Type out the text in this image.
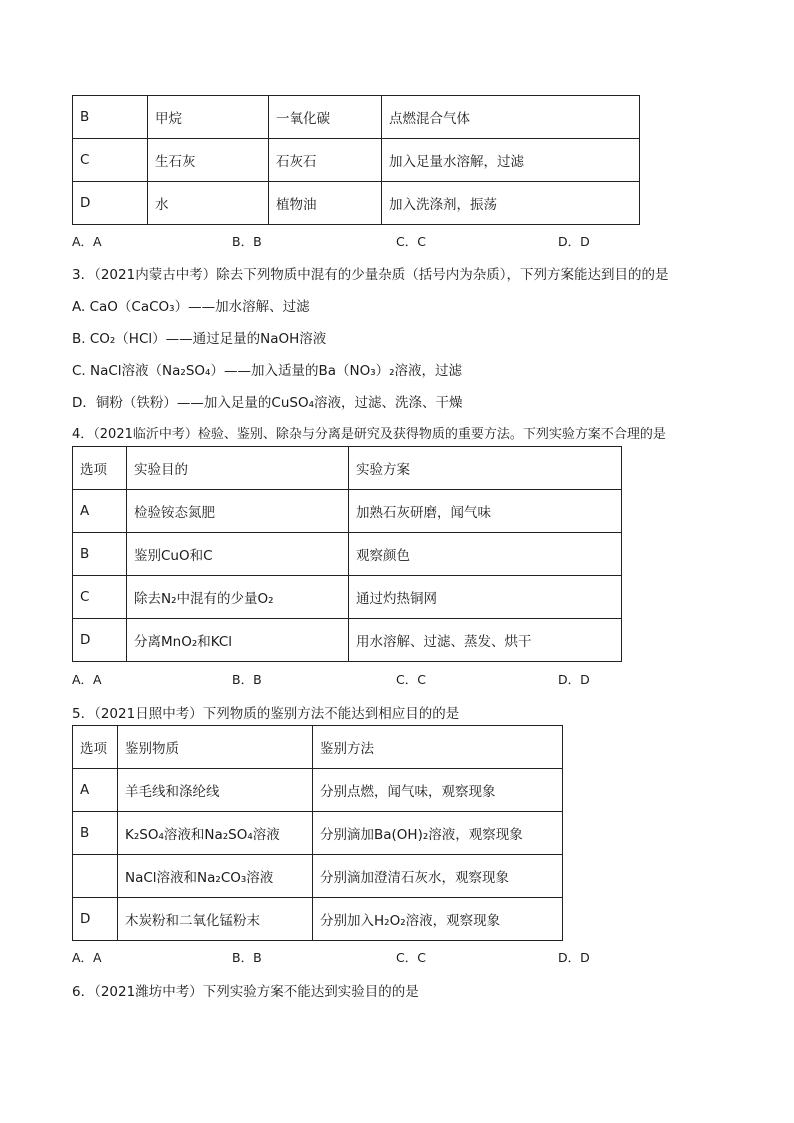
B	甲烷	一氧化碳	点燃混合气体
C	生石灰	石灰石	加入足量水溶解，过滤
D	水	植物油	加入洗涤剂，振荡
A．A	B．B	C．C	D．D
3．（2021内蒙古中考）除去下列物质中混有的少量杂质（括号内为杂质），下列方案能达到目的的是
A. CaO（CaCO₃）——加水溶解、过滤
B. CO₂（HCl）——通过足量的NaOH溶液
C. NaCl溶液（Na₂SO₄）——加入适量的Ba（NO₃）₂溶液，过滤
D．铜粉（铁粉）——加入足量的CuSO₄溶液，过滤、洗涤、干燥
4．（2021临沂中考）检验、鉴别、除杂与分离是研究及获得物质的重要方法。下列实验方案不合理的是
选项	实验目的	实验方案
A	检验铵态氮肥	加熟石灰研磨，闻气味
B	鉴别CuO和C	观察颜色
C	除去N₂中混有的少量O₂	通过灼热铜网
D	分离MnO₂和KCl	用水溶解、过滤、蒸发、烘干
A．A	B．B	C．C	D．D
5．（2021日照中考）下列物质的鉴别方法不能达到相应目的的是
选项	鉴别物质	鉴别方法
A	羊毛线和涤纶线	分别点燃，闻气味，观察现象
B	K₂SO₄溶液和Na₂SO₄溶液	分别滴加Ba(OH)₂溶液，观察现象
	NaCl溶液和Na₂CO₃溶液	分别滴加澄清石灰水，观察现象
D	木炭粉和二氧化锰粉末	分别加入H₂O₂溶液，观察现象
A．A	B．B	C．C	D．D
6．（2021潍坊中考）下列实验方案不能达到实验目的的是
